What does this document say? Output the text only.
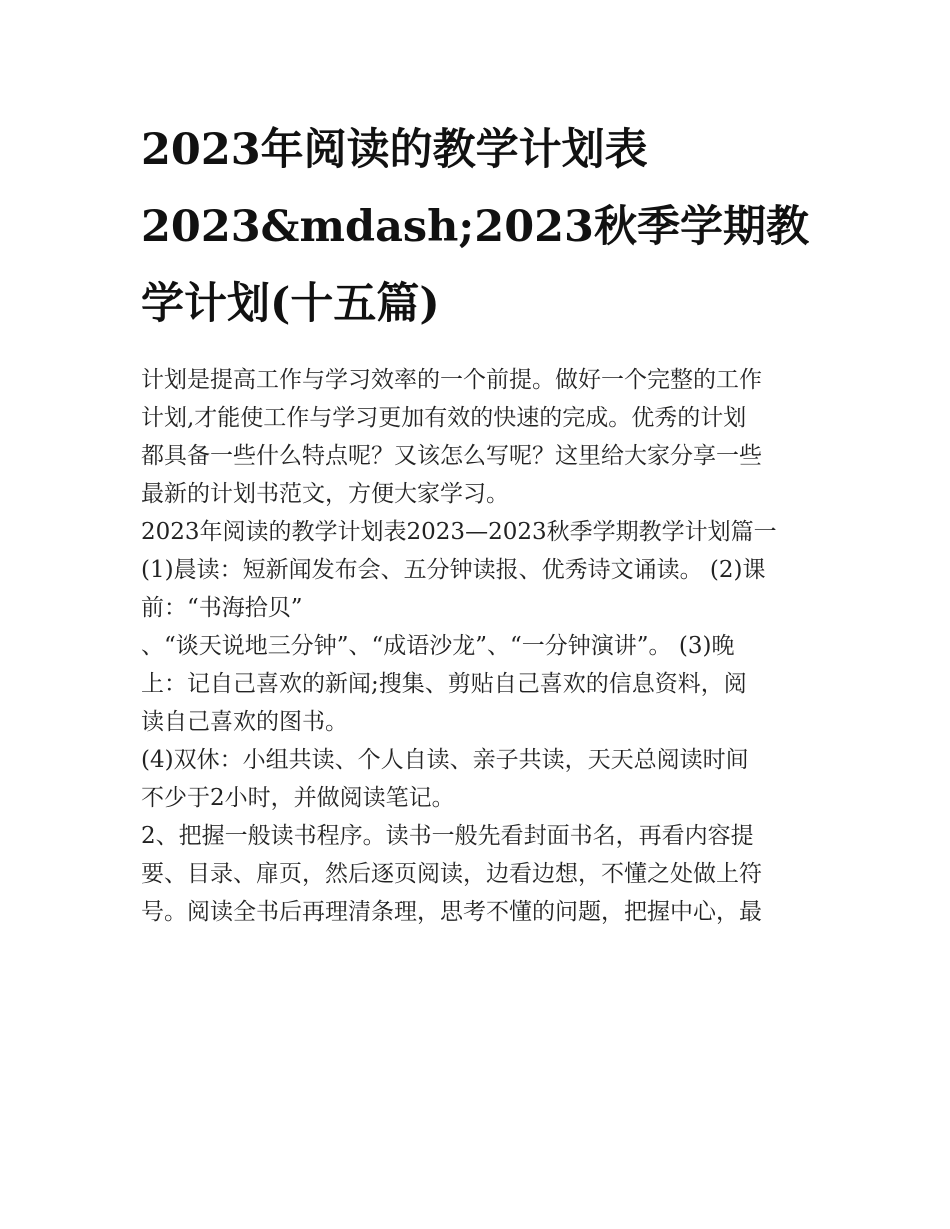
2023年阅读的教学计划表
2023&mdash;2023秋季学期教
学计划(十五篇)
计划是提高工作与学习效率的一个前提。做好一个完整的工作
计划,才能使工作与学习更加有效的快速的完成。优秀的计划
都具备一些什么特点呢？又该怎么写呢？这里给大家分享一些
最新的计划书范文，方便大家学习。
2023年阅读的教学计划表2023—2023秋季学期教学计划篇一
(1)晨读：短新闻发布会、五分钟读报、优秀诗文诵读。 (2)课
前：“书海拾贝”
、“谈天说地三分钟”、“成语沙龙”、“一分钟演讲”。 (3)晚
上：记自己喜欢的新闻;搜集、剪贴自己喜欢的信息资料，阅
读自己喜欢的图书。
(4)双休：小组共读、个人自读、亲子共读，天天总阅读时间
不少于2小时，并做阅读笔记。
2、把握一般读书程序。读书一般先看封面书名，再看内容提
要、目录、扉页，然后逐页阅读，边看边想，不懂之处做上符
号。阅读全书后再理清条理，思考不懂的问题，把握中心，最
